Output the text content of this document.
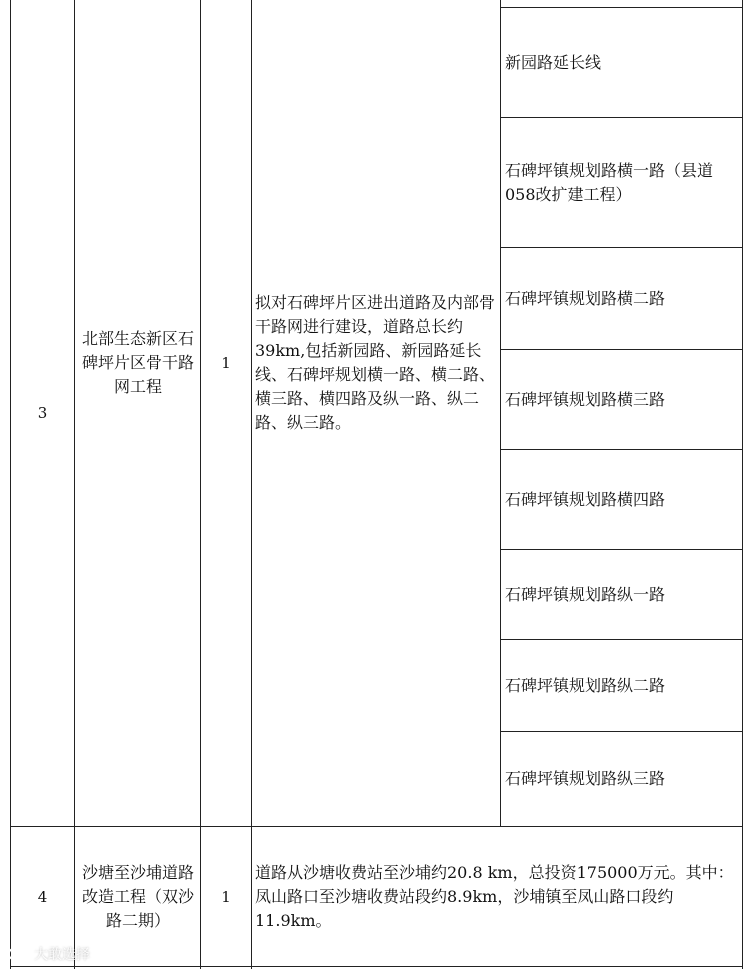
3
北部生态新区石碑坪片区骨干路网工程
1
拟对石碑坪片区进出道路及内部骨干路网进行建设，道路总长约39km,包括新园路、新园路延长线、石碑坪规划横一路、横二路、横三路、横四路及纵一路、纵二路、纵三路。
新园路延长线
石碑坪镇规划路横一路（县道058改扩建工程）
石碑坪镇规划路横二路
石碑坪镇规划路横三路
石碑坪镇规划路横四路
石碑坪镇规划路纵一路
石碑坪镇规划路纵二路
石碑坪镇规划路纵三路
4
沙塘至沙埔道路改造工程（双沙路二期）
1
道路从沙塘收费站至沙埔约20.8 km，总投资175000万元。其中：凤山路口至沙塘收费站段约8.9km，沙埔镇至凤山路口段约11.9km。
大敢选择
